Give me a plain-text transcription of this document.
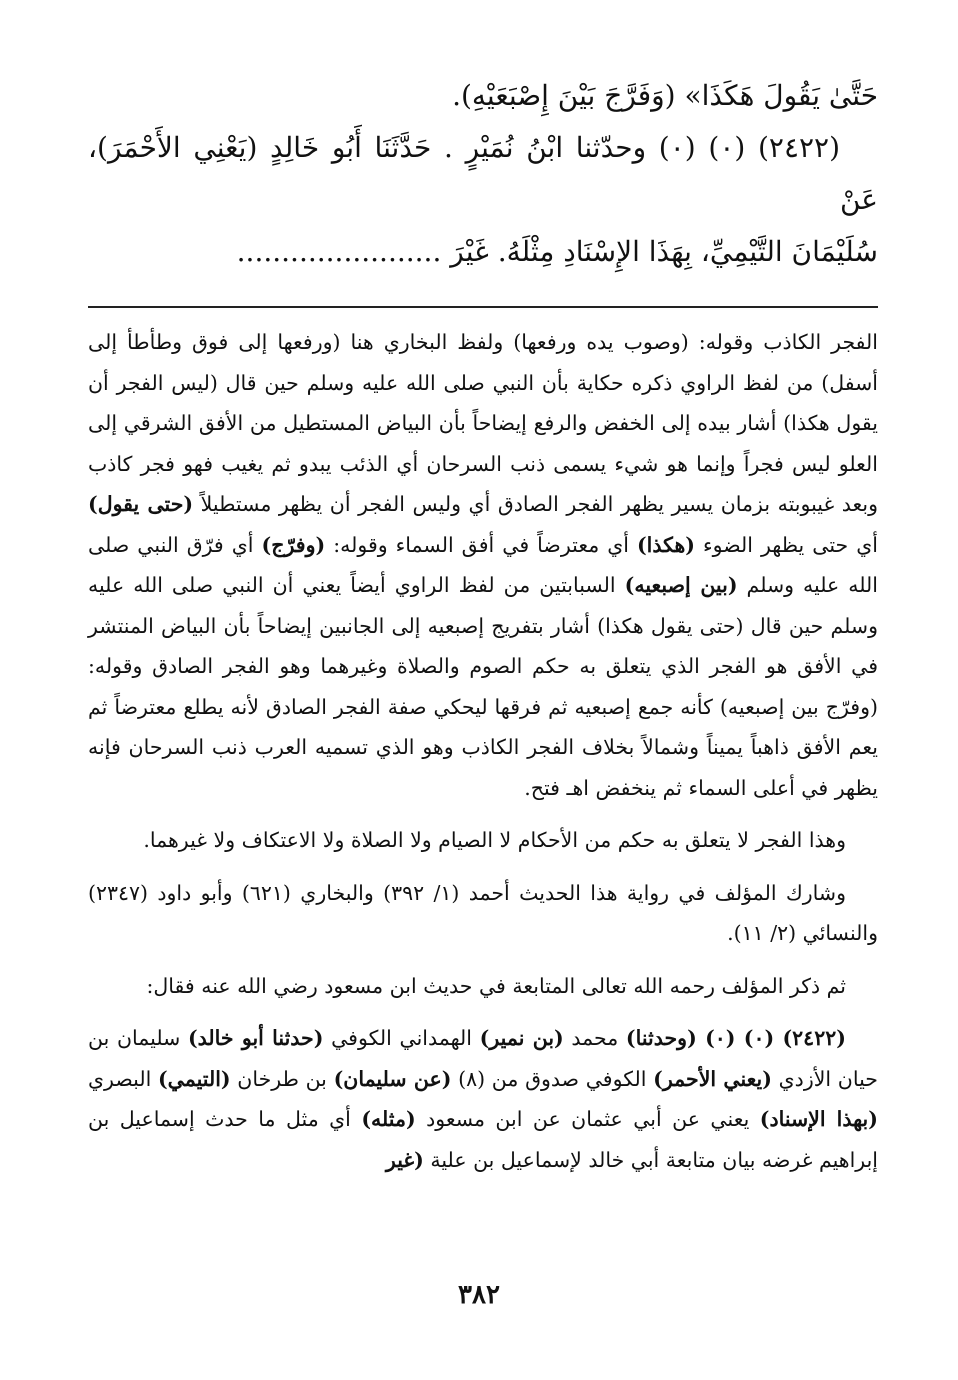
حَتَّىٰ يَقُولَ هَكَذَا» (وَفَرَّجَ بَيْنَ إِصْبَعَيْهِ).

(٢٤٢٢) (٠) (٠) وحدّثنا ابْنُ نُمَيْرٍ . حَدَّثَنَا أَبُو خَالِدٍ (يَعْنِي الأَحْمَرَ)، عَنْ

سُلَيْمَانَ التَّيْمِيِّ، بِهَذَا الإِسْنَادِ مِثْلَهُ. غَيْرَ .......................

الفجر الكاذب وقوله: (وصوب يده ورفعها) ولفظ البخاري هنا (ورفعها إلى فوق وطأطأ إلى أسفل) من لفظ الراوي ذكره حكاية بأن النبي صلى الله عليه وسلم حين قال (ليس الفجر أن يقول هكذا) أشار بيده إلى الخفض والرفع إيضاحاً بأن البياض المستطيل من الأفق الشرقي إلى العلو ليس فجراً وإنما هو شيء يسمى ذنب السرحان أي الذئب يبدو ثم يغيب فهو فجر كاذب وبعد غيبوبته بزمان يسير يظهر الفجر الصادق أي وليس الفجر أن يظهر مستطيلاً (حتى يقول) أي حتى يظهر الضوء (هكذا) أي معترضاً في أفق السماء وقوله: (وفرّج) أي فرّق النبي صلى الله عليه وسلم (بين إصبعيه) السبابتين من لفظ الراوي أيضاً يعني أن النبي صلى الله عليه وسلم حين قال (حتى يقول هكذا) أشار بتفريج إصبعيه إلى الجانبين إيضاحاً بأن البياض المنتشر في الأفق هو الفجر الذي يتعلق به حكم الصوم والصلاة وغيرهما وهو الفجر الصادق وقوله: (وفرّج بين إصبعيه) كأنه جمع إصبعيه ثم فرقها ليحكي صفة الفجر الصادق لأنه يطلع معترضاً ثم يعم الأفق ذاهباً يميناً وشمالاً بخلاف الفجر الكاذب وهو الذي تسميه العرب ذنب السرحان فإنه يظهر في أعلى السماء ثم ينخفض اهـ فتح.

وهذا الفجر لا يتعلق به حكم من الأحكام لا الصيام ولا الصلاة ولا الاعتكاف ولا غيرهما.

وشارك المؤلف في رواية هذا الحديث أحمد (١/ ٣٩٢) والبخاري (٦٢١) وأبو داود (٢٣٤٧) والنسائي (٢/ ١١).

ثم ذكر المؤلف رحمه الله تعالى المتابعة في حديث ابن مسعود رضي الله عنه فقال:

(٢٤٢٢) (٠) (٠) (وحدثنا) محمد (بن نمير) الهمداني الكوفي (حدثنا أبو خالد) سليمان بن حيان الأزدي (يعني الأحمر) الكوفي صدوق من (٨) (عن سليمان) بن طرخان (التيمي) البصري (بهذا الإسناد) يعني عن أبي عثمان عن ابن مسعود (مثله) أي مثل ما حدث إسماعيل بن إبراهيم غرضه بيان متابعة أبي خالد لإسماعيل بن علية (غير

٣٨٢
